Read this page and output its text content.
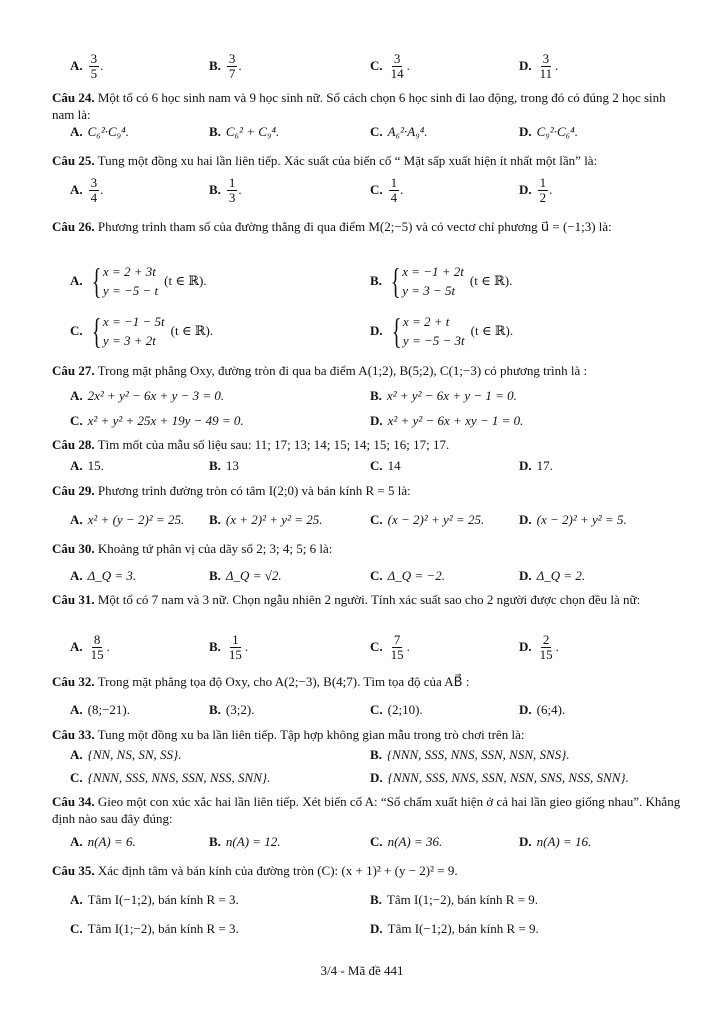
A. $\frac{3}{5}$ .	B. $\frac{3}{7}$ .	C. $\frac{3}{14}$ .	D. $\frac{3}{11}$ .
Câu 24. Một tổ có 6 học sinh nam và 9 học sinh nữ. Số cách chọn 6 học sinh đi lao động, trong đó có đúng 2 học sinh nam là:
A. C₆²·C₉⁴.	B. C₆² + C₉⁴.	C. A₆²·A₉⁴.	D. C₉²·C₆⁴.
Câu 25. Tung một đồng xu hai lần liên tiếp. Xác suất của biến cố “ Mặt sấp xuất hiện ít nhất một lần” là:
A. $\frac{3}{4}$ .	B. $\frac{1}{3}$ .	C. $\frac{1}{4}$ .	D. $\frac{1}{2}$ .
Câu 26. Phương trình tham số của đường thẳng đi qua điểm M(2;−5) và có vectơ chỉ phương u⃗ = (−1;3) là:
A. { x = 2 + 3t
y = −5 − t
(t ∈ ℝ).	B. { x = −1 + 2t
y = 3 − 5t
(t ∈ ℝ).
C. { x = −1 − 5t
y = 3 + 2t
(t ∈ ℝ).	D. { x = 2 + t
y = −5 − 3t
(t ∈ ℝ).
Câu 27. Trong mặt phẳng Oxy, đường tròn đi qua ba điểm A(1;2), B(5;2), C(1;−3) có phương trình là :
A. 2x² + y² − 6x + y − 3 = 0.	B. x² + y² − 6x + y − 1 = 0.
C. x² + y² + 25x + 19y − 49 = 0.	D. x² + y² − 6x + xy − 1 = 0.
Câu 28. Tìm mốt của mẫu số liệu sau: 11; 17; 13; 14; 15; 14; 15; 16; 17; 17.
A. 15.	B. 13	C. 14	D. 17.
Câu 29. Phương trình đường tròn có tâm I(2;0) và bán kính R = 5 là:
A. x² + (y − 2)² = 25. B. (x + 2)² + y² = 25.	C. (x − 2)² + y² = 25.	D. (x − 2)² + y² = 5.
Câu 30. Khoảng tứ phân vị của dãy số 2; 3; 4; 5; 6 là:
A. Δ_Q = 3.	B. Δ_Q = √2.	C. Δ_Q = −2.	D. Δ_Q = 2.
Câu 31. Một tổ có 7 nam và 3 nữ. Chọn ngẫu nhiên 2 người. Tính xác suất sao cho 2 người được chọn đều là nữ:
A. $\frac{8}{15}$ .	B. $\frac{1}{15}$ .	C. $\frac{7}{15}$ .	D. $\frac{2}{15}$ .
Câu 32. Trong mặt phẳng tọa độ Oxy, cho A(2;−3), B(4;7). Tìm tọa độ của AB⃗ :
A. (8;−21).	B. (3;2).	C. (2;10).	D. (6;4).
Câu 33. Tung một đồng xu ba lần liên tiếp. Tập hợp không gian mẫu trong trò chơi trên là:
A. {NN, NS, SN, SS}.	B. {NNN, SSS, NNS, SSN, NSN, SNS}.
C. {NNN, SSS, NNS, SSN, NSS, SNN}.	D. {NNN, SSS, NNS, SSN, NSN, SNS, NSS, SNN}.
Câu 34. Gieo một con xúc xắc hai lần liên tiếp. Xét biến cố A: “Số chấm xuất hiện ở cả hai lần gieo giống nhau”. Khẳng định nào sau đây đúng:
A. n(A) = 6.	B. n(A) = 12.	C. n(A) = 36.	D. n(A) = 16.
Câu 35. Xác định tâm và bán kính của đường tròn (C): (x + 1)² + (y − 2)² = 9.
A. Tâm I(−1;2), bán kính R = 3.	B. Tâm I(1;−2), bán kính R = 9.
C. Tâm I(1;−2), bán kính R = 3.	D. Tâm I(−1;2), bán kính R = 9.
3/4 - Mã đề 441
